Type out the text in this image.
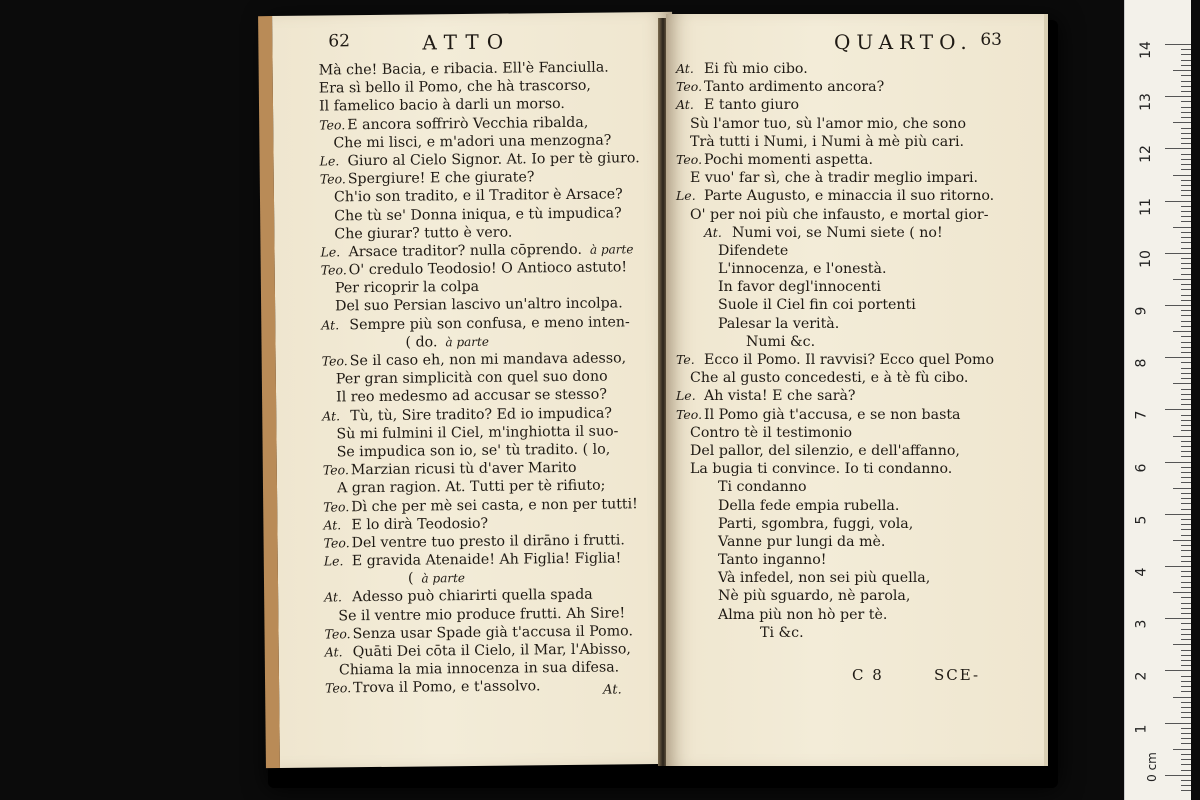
62	ATTO
Mà che! Bacia, e ribacia. Ell'è Fanciulla.
Era sì bello il Pomo, che hà trascorso,
Il famelico bacio à darli un morso.
Teo. E ancora soffrirò Vecchia ribalda,
Che mi lisci, e m'adori una menzogna?
Le. Giuro al Cielo Signor. At. Io per tè giuro.
Teo. Spergiure! E che giurate?
Ch'io son tradito, e il Traditor è Arsace?
Che tù se' Donna iniqua, e tù impudica?
Che giurar? tutto è vero.
Le. Arsace traditor? nulla cōprendo. à parte
Teo. O' credulo Teodosio! O Antioco astuto!
Per ricoprir la colpa
Del suo Persian lascivo un'altro incolpa.
At. Sempre più son confusa, e meno inten-
( do. à parte
Teo. Se il caso eh, non mi mandava adesso,
Per gran simplicità con quel suo dono
Il reo medesmo ad accusar se stesso?
At. Tù, tù, Sire tradito? Ed io impudica?
Sù mi fulmini il Ciel, m'inghiotta il suo-
Se impudica son io, se' tù tradito. ( lo,
Teo. Marzian ricusi tù d'aver Marito
A gran ragion. At. Tutti per tè rifiuto;
Teo. Dì che per mè sei casta, e non per tutti!
At. E lo dirà Teodosio?
Teo. Del ventre tuo presto il dirāno i frutti.
Le. E gravida Atenaide! Ah Figlia! Figlia!
( à parte
At. Adesso può chiarirti quella spada
Se il ventre mio produce frutti. Ah Sire!
Teo. Senza usar Spade già t'accusa il Pomo.
At. Quāti Dei cōta il Cielo, il Mar, l'Abisso,
Chiama la mia innocenza in sua difesa.
Teo. Trova il Pomo, e t'assolvo.	At.
QUARTO. 63
At. Ei fù mio cibo.
Teo. Tanto ardimento ancora?
At. E tanto giuro
Sù l'amor tuo, sù l'amor mio, che sono
Trà tutti i Numi, i Numi à mè più cari.
Teo. Pochi momenti aspetta.
E vuo' far sì, che à tradir meglio impari.
Le. Parte Augusto, e minaccia il suo ritorno.
O' per noi più che infausto, e mortal gior-
At. Numi voi, se Numi siete ( no!
Difendete
L'innocenza, e l'onestà.
In favor degl'innocenti
Suole il Ciel fin coi portenti
Palesar la verità.
Numi &c.
Te. Ecco il Pomo. Il ravvisi? Ecco quel Pomo
Che al gusto concedesti, e à tè fù cibo.
Le. Ah vista! E che sarà?
Teo. Il Pomo già t'accusa, e se non basta
Contro tè il testimonio
Del pallor, del silenzio, e dell'affanno,
La bugia ti convince. Io ti condanno.
Ti condanno
Della fede empia rubella.
Parti, sgombra, fuggi, vola,
Vanne pur lungi da mè.
Tanto inganno!
Và infedel, non sei più quella,
Nè più sguardo, nè parola,
Alma più non hò per tè.
Ti &c.
C 8	SCE-
0 cm
14
13
12
11
10
9
8
7
6
5
4
3
2
1
